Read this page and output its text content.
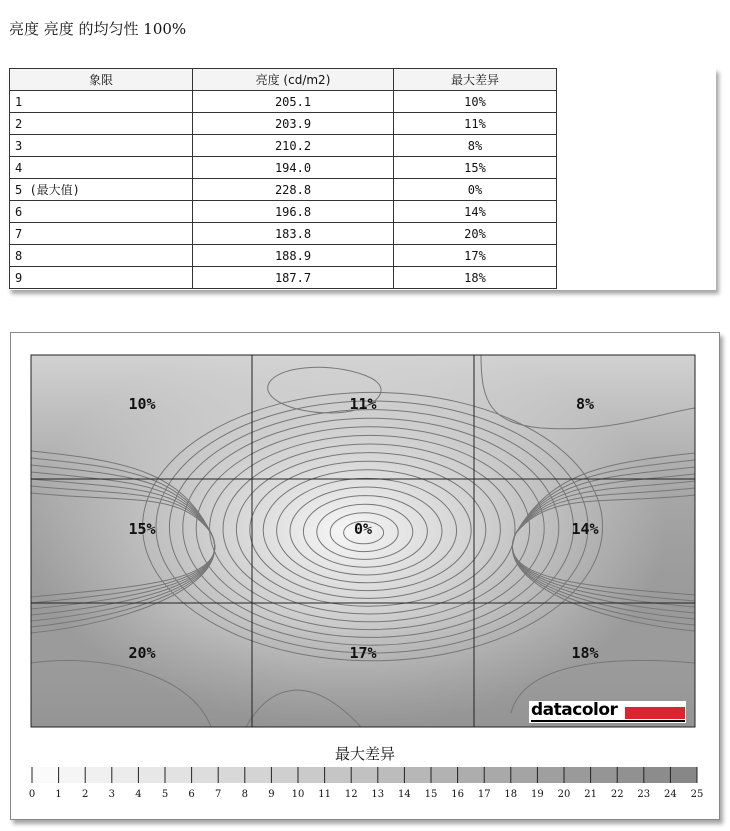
亮度 亮度 的均匀性 100%
象限	亮度 (cd/m2)	最大差异
1	205.1	10%
2	203.9	11%
3	210.2	8%
4	194.0	15%
5 (最大值)	228.8	0%
6	196.8	14%
7	183.8	20%
8	188.9	17%
9	187.7	18%
0 1 2 3 4 5 6 7 8 9 10 11 12 13 14 15 16 17 18 19 20 21 22 23 24 25
10%	11%	8%
15%	0%	14%
20%	17%	18%
datacolor
最大差异
